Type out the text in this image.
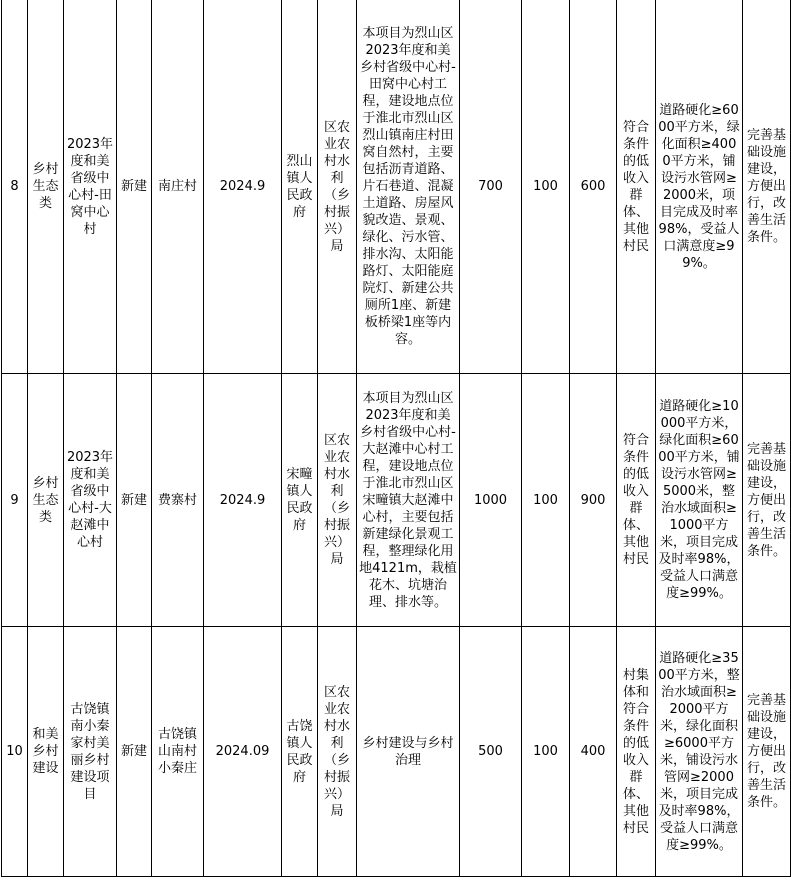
8	乡村生态类	2023年度和美省级中心村-田窝中心村	新建	南庄村	2024.9	烈山镇人民政府	区农业农村水利（乡村振兴）局	本项目为烈山区2023年度和美乡村省级中心村-田窝中心村工程，建设地点位于淮北市烈山区烈山镇南庄村田窝自然村，主要包括沥青道路、片石巷道、混凝土道路、房屋风貌改造、景观、绿化、污水管、排水沟、太阳能路灯、太阳能庭院灯、新建公共厕所1座、新建板桥梁1座等内容。	700	100	600	符合条件的低收入群体、其他村民	道路硬化≥6000平方米，绿化面积≥4000平方米，铺设污水管网≥2000米，项目完成及时率98%，受益人口满意度≥99%。	完善基础设施建设，方便出行，改善生活条件。
9	乡村生态类	2023年度和美省级中心村-大赵滩中心村	新建	费寨村	2024.9	宋疃镇人民政府	区农业农村水利（乡村振兴）局	本项目为烈山区2023年度和美乡村省级中心村-大赵滩中心村工程，建设地点位于淮北市烈山区宋疃镇大赵滩中心村，主要包括新建绿化景观工程，整理绿化用地4121m，栽植花木、坑塘治理、排水等。	1000	100	900	符合条件的低收入群体、其他村民	道路硬化≥10000平方米，绿化面积≥6000平方米，铺设污水管网≥5000米，整治水域面积≥1000平方米，项目完成及时率98%，受益人口满意度≥99%。	完善基础设施建设，方便出行，改善生活条件。
10	和美乡村建设	古饶镇南小秦家村美丽乡村建设项目	新建	古饶镇山南村小秦庄	2024.09	古饶镇人民政府	区农业农村水利（乡村振兴）局	乡村建设与乡村治理	500	100	400	村集体和符合条件的低收入群体、其他村民	道路硬化≥3500平方米，整治水域面积≥2000平方米，绿化面积≥6000平方米，铺设污水管网≥2000米，项目完成及时率98%，受益人口满意度≥99%。	完善基础设施建设，方便出行，改善生活条件。
